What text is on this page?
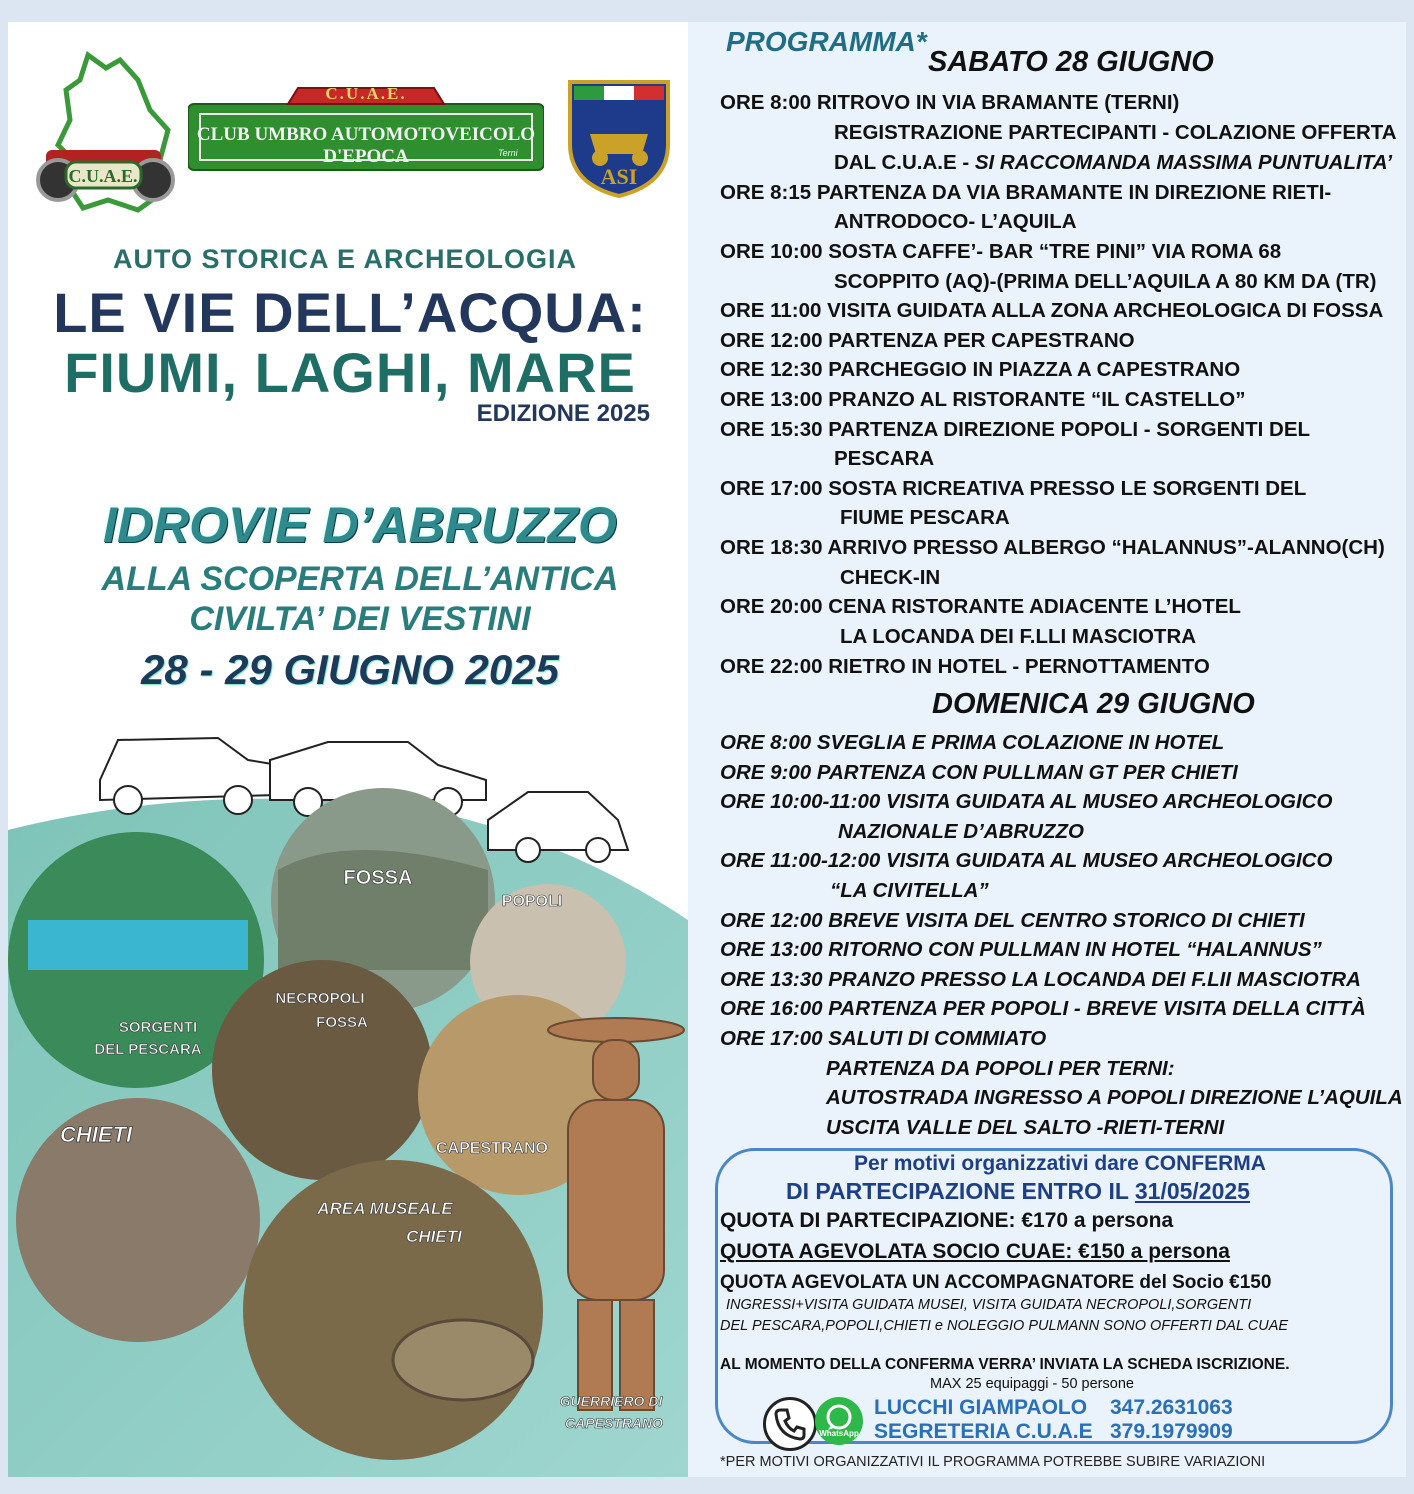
C.U.A.E.
C.U.A.E.
CLUB UMBRO AUTOMOTOVEICOLO D'EPOCA	Terni
ASI
AUTO STORICA E ARCHEOLOGIA
LE VIE DELL’ACQUA:
FIUMI, LAGHI, MARE
EDIZIONE 2025
IDROVIE D’ABRUZZO
ALLA SCOPERTA DELL’ANTICA
CIVILTA’ DEI VESTINI
28 - 29 GIUGNO 2025
FOSSA
POPOLI
SORGENTI
DEL PESCARA
NECROPOLI
FOSSA
CHIETI
CAPESTRANO
AREA MUSEALE
CHIETI
GUERRIERO DI
CAPESTRANO
PROGRAMMA*
SABATO 28 GIUGNO
ORE 8:00 RITROVO IN VIA BRAMANTE (TERNI)
REGISTRAZIONE PARTECIPANTI - COLAZIONE OFFERTA
DAL C.U.A.E - SI RACCOMANDA MASSIMA PUNTUALITA’
ORE 8:15 PARTENZA DA VIA BRAMANTE IN DIREZIONE RIETI-
ANTRODOCO- L’AQUILA
ORE 10:00 SOSTA CAFFE’- BAR “TRE PINI” VIA ROMA 68
SCOPPITO (AQ)-(PRIMA DELL’AQUILA A 80 KM DA (TR)
ORE 11:00 VISITA GUIDATA ALLA ZONA ARCHEOLOGICA DI FOSSA
ORE 12:00 PARTENZA PER CAPESTRANO
ORE 12:30 PARCHEGGIO IN PIAZZA A CAPESTRANO
ORE 13:00 PRANZO AL RISTORANTE “IL CASTELLO”
ORE 15:30 PARTENZA DIREZIONE POPOLI - SORGENTI DEL
PESCARA
ORE 17:00 SOSTA RICREATIVA PRESSO LE SORGENTI DEL
FIUME PESCARA
ORE 18:30 ARRIVO PRESSO ALBERGO “HALANNUS”-ALANNO(CH)
CHECK-IN
ORE 20:00 CENA RISTORANTE ADIACENTE L’HOTEL
LA LOCANDA DEI F.LLI MASCIOTRA
ORE 22:00 RIETRO IN HOTEL - PERNOTTAMENTO
DOMENICA 29 GIUGNO
ORE 8:00 SVEGLIA E PRIMA COLAZIONE IN HOTEL
ORE 9:00 PARTENZA CON PULLMAN GT PER CHIETI
ORE 10:00-11:00 VISITA GUIDATA AL MUSEO ARCHEOLOGICO
NAZIONALE D’ABRUZZO
ORE 11:00-12:00 VISITA GUIDATA AL MUSEO ARCHEOLOGICO
“LA CIVITELLA”
ORE 12:00 BREVE VISITA DEL CENTRO STORICO DI CHIETI
ORE 13:00 RITORNO CON PULLMAN IN HOTEL “HALANNUS”
ORE 13:30 PRANZO PRESSO LA LOCANDA DEI F.LII MASCIOTRA
ORE 16:00 PARTENZA PER POPOLI - BREVE VISITA DELLA CITTÀ
ORE 17:00 SALUTI DI COMMIATO
PARTENZA DA POPOLI PER TERNI:
AUTOSTRADA INGRESSO A POPOLI DIREZIONE L’AQUILA
USCITA VALLE DEL SALTO -RIETI-TERNI
Per motivi organizzativi dare CONFERMA
DI PARTECIPAZIONE ENTRO IL 31/05/2025
QUOTA DI PARTECIPAZIONE: €170 a persona
QUOTA AGEVOLATA SOCIO CUAE: €150 a persona
QUOTA AGEVOLATA UN ACCOMPAGNATORE del Socio €150
INGRESSI+VISITA GUIDATA MUSEI, VISITA GUIDATA NECROPOLI,SORGENTI
DEL PESCARA,POPOLI,CHIETI e NOLEGGIO PULMANN SONO OFFERTI DAL CUAE
AL MOMENTO DELLA CONFERMA VERRA’ INVIATA LA SCHEDA ISCRIZIONE.
MAX 25 equipaggi - 50 persone
WhatsApp
LUCCHI GIAMPAOLO 347.2631063
SEGRETERIA C.U.A.E 379.1979909
*PER MOTIVI ORGANIZZATIVI IL PROGRAMMA POTREBBE SUBIRE VARIAZIONI
